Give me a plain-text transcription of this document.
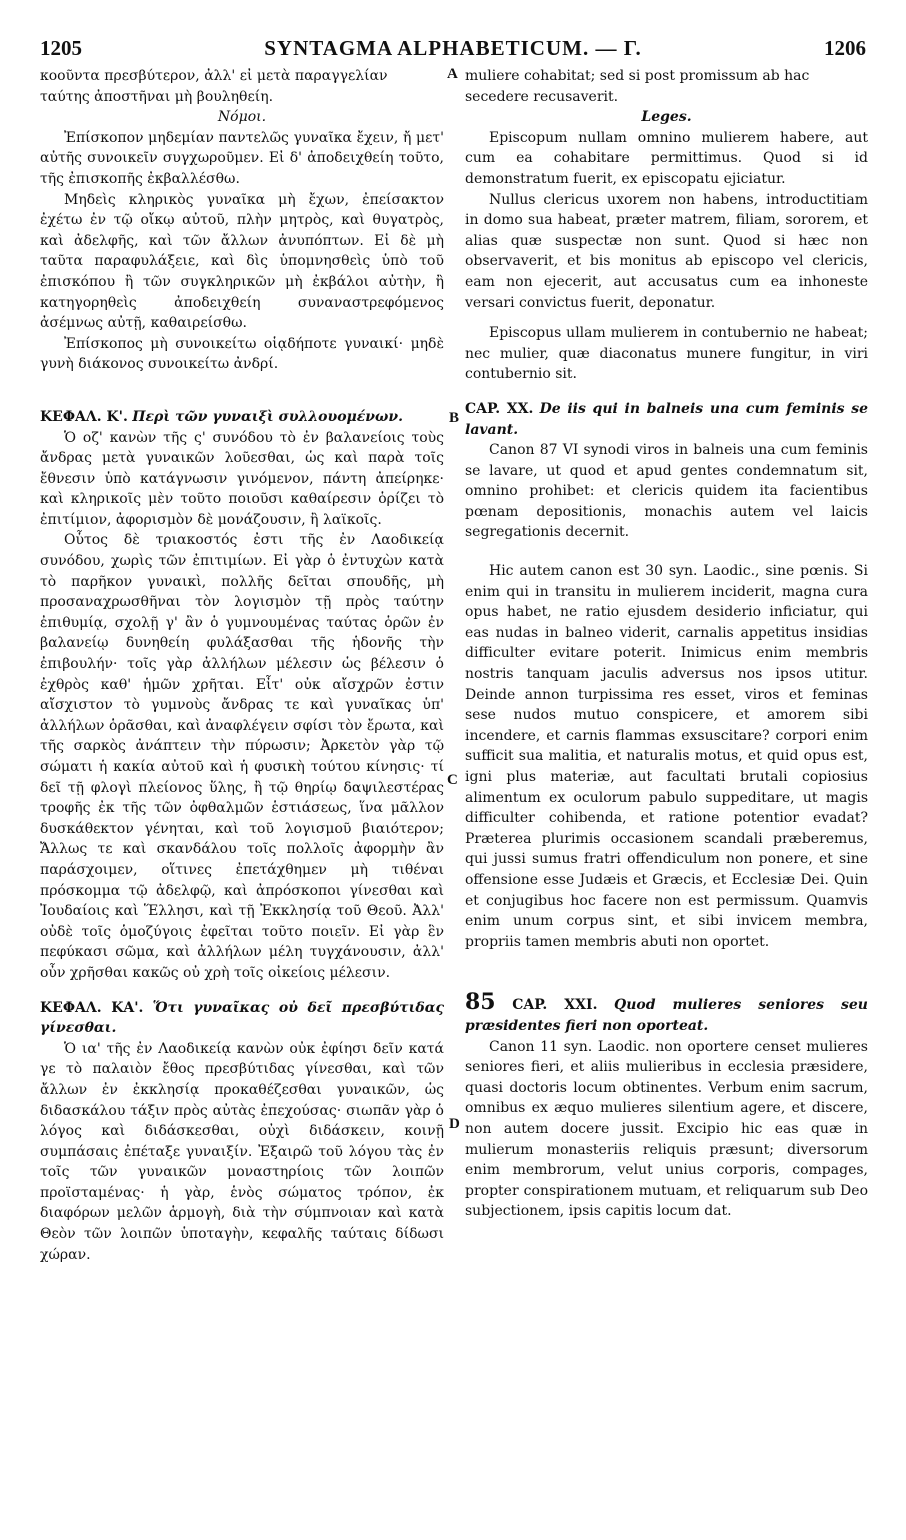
1205	SYNTAGMA ALPHABETICUM. — Γ.	1206
A
B
C
D

κοοῦντα πρεσβύτερον, ἀλλ' εἰ μετὰ παραγγελίαν

ταύτης ἀποστῆναι μὴ βουληθείη.

Νόμοι.

Ἐπίσκοπον μηδεμίαν παντελῶς γυναῖκα ἔχειν, ἤ μετ' αὐτῆς συνοικεῖν συγχωροῦμεν. Εἰ δ' ἀποδειχθείη τοῦτο, τῆς ἐπισκοπῆς ἐκβαλλέσθω.

Μηδεὶς κληρικὸς γυναῖκα μὴ ἔχων, ἐπείσακτον ἐχέτω ἐν τῷ οἴκῳ αὐτοῦ, πλὴν μητρὸς, καὶ θυγατρὸς, καὶ ἀδελφῆς, καὶ τῶν ἄλλων ἀνυπόπτων. Εἰ δὲ μὴ ταῦτα παραφυλάξειε, καὶ δὶς ὑπομνησθεὶς ὑπὸ τοῦ ἐπισκόπου ἢ τῶν συγκληρικῶν μὴ ἐκβάλοι αὐτὴν, ἢ κατηγορηθεὶς ἀποδειχθείη συναναστρεφόμενος ἀσέμνως αὐτῇ, καθαιρείσθω.

Ἐπίσκοπος μὴ συνοικείτω οἱᾳδήποτε γυναικί· μηδὲ γυνὴ διάκονος συνοικείτω ἀνδρί.

ΚΕΦΑΛ. Κ'. Περὶ τῶν γυναιξὶ συλλουομένων.

Ὁ οζ' κανὼν τῆς ς' συνόδου τὸ ἐν βαλανείοις τοὺς ἄνδρας μετὰ γυναικῶν λοῦεσθαι, ὡς καὶ παρὰ τοῖς ἔθνεσιν ὑπὸ κατάγνωσιν γινόμενον, πάντη ἀπείρηκε· καὶ κληρικοῖς μὲν τοῦτο ποιοῦσι καθαίρεσιν ὁρίζει τὸ ἐπιτίμιον, ἀφορισμὸν δὲ μονάζουσιν, ἢ λαϊκοῖς.

Οὗτος δὲ τριακοστός ἐστι τῆς ἐν Λαοδικείᾳ συνόδου, χωρὶς τῶν ἐπιτιμίων. Εἰ γὰρ ὁ ἐντυχὼν κατὰ τὸ παρῆκον γυναικὶ, πολλῆς δεῖται σπουδῆς, μὴ προσαναχρωσθῆναι τὸν λογισμὸν τῇ πρὸς ταύτην ἐπιθυμίᾳ, σχολῇ γ' ἂν ὁ γυμνουμένας ταύτας ὁρῶν ἐν βαλανείῳ δυνηθείη φυλάξασθαι τῆς ἡδονῆς τὴν ἐπιβουλήν· τοῖς γὰρ ἀλλήλων μέλεσιν ὡς βέλεσιν ὁ ἐχθρὸς καθ' ἡμῶν χρῆται. Εἶτ' οὐκ αἴσχρῶν ἐστιν αἴσχιστον τὸ γυμνοὺς ἄνδρας τε καὶ γυναῖκας ὑπ' ἀλλήλων ὁρᾶσθαι, καὶ ἀναφλέγειν σφίσι τὸν ἔρωτα, καὶ τῆς σαρκὸς ἀνάπτειν τὴν πύρωσιν; Ἀρκετὸν γὰρ τῷ σώματι ἡ κακία αὐτοῦ καὶ ἡ φυσικὴ τούτου κίνησις· τί δεῖ τῇ φλογὶ πλείονος ὕλης, ἢ τῷ θηρίῳ δαψιλεστέρας τροφῆς ἐκ τῆς τῶν ὀφθαλμῶν ἑστιάσεως, ἵνα μᾶλλον δυσκάθεκτον γένηται, καὶ τοῦ λογισμοῦ βιαιότερον; Ἄλλως τε καὶ σκανδάλου τοῖς πολλοῖς ἀφορμὴν ἂν παράσχοιμεν, οἵτινες ἐπετάχθημεν μὴ τιθέναι πρόσκομμα τῷ ἀδελφῷ, καὶ ἀπρόσκοποι γίνεσθαι καὶ Ἰουδαίοις καὶ Ἕλλησι, καὶ τῇ Ἐκκλησίᾳ τοῦ Θεοῦ. Ἀλλ' οὐδὲ τοῖς ὁμοζύγοις ἐφεῖται τοῦτο ποιεῖν. Εἰ γὰρ ἓν πεφύκασι σῶμα, καὶ ἀλλήλων μέλη τυγχάνουσιν, ἀλλ' οὖν χρῆσθαι κακῶς οὐ χρὴ τοῖς οἰκείοις μέλεσιν.

ΚΕΦΑΛ. ΚΑ'. Ὅτι γυναῖκας οὐ δεῖ πρεσβύτιδας γίνεσθαι.

Ὁ ια' τῆς ἐν Λαοδικείᾳ κανὼν οὐκ ἐφίησι δεῖν κατά γε τὸ παλαιὸν ἔθος πρεσβύτιδας γίνεσθαι, καὶ τῶν ἄλλων ἐν ἐκκλησίᾳ προκαθέζεσθαι γυναικῶν, ὡς διδασκάλου τάξιν πρὸς αὐτὰς ἐπεχούσας· σιωπᾶν γὰρ ὁ λόγος καὶ διδάσκεσθαι, οὐχὶ διδάσκειν, κοινῇ συμπάσαις ἐπέταξε γυναιξίν. Ἐξαιρῶ τοῦ λόγου τὰς ἐν τοῖς τῶν γυναικῶν μοναστηρίοις τῶν λοιπῶν προϊσταμένας· ἡ γὰρ, ἑνὸς σώματος τρόπον, ἐκ διαφόρων μελῶν ἁρμογὴ, διὰ τὴν σύμπνοιαν καὶ κατὰ Θεὸν τῶν λοιπῶν ὑποταγὴν, κεφαλῆς ταύταις δίδωσι χώραν.

muliere cohabitat; sed si post promissum ab hac

secedere recusaverit.

Leges.

Episcopum nullam omnino mulierem habere, aut cum ea cohabitare permittimus. Quod si id demonstratum fuerit, ex episcopatu ejiciatur.

Nullus clericus uxorem non habens, introductitiam in domo sua habeat, præter matrem, filiam, sororem, et alias quæ suspectæ non sunt. Quod si hæc non observaverit, et bis monitus ab episcopo vel clericis, eam non ejecerit, aut accusatus cum ea inhoneste versari convictus fuerit, deponatur.

Episcopus ullam mulierem in contubernio ne habeat; nec mulier, quæ diaconatus munere fungitur, in viri contubernio sit.

CAP. XX. De iis qui in balneis una cum feminis se lavant.

Canon 87 VI synodi viros in balneis una cum feminis se lavare, ut quod et apud gentes condemnatum sit, omnino prohibet: et clericis quidem ita facientibus pœnam depositionis, monachis autem vel laicis segregationis decernit.

Hic autem canon est 30 syn. Laodic., sine pœnis. Si enim qui in transitu in mulierem inciderit, magna cura opus habet, ne ratio ejusdem desiderio inficiatur, qui eas nudas in balneo viderit, carnalis appetitus insidias difficulter evitare poterit. Inimicus enim membris nostris tanquam jaculis adversus nos ipsos utitur. Deinde annon turpissima res esset, viros et feminas sese nudos mutuo conspicere, et amorem sibi incendere, et carnis flammas exsuscitare? corpori enim sufficit sua malitia, et naturalis motus, et quid opus est, igni plus materiæ, aut facultati brutali copiosius alimentum ex oculorum pabulo suppeditare, ut magis difficulter cohibenda, et ratione potentior evadat? Præterea plurimis occasionem scandali præberemus, qui jussi sumus fratri offendiculum non ponere, et sine offensione esse Judæis et Græcis, et Ecclesiæ Dei. Quin et conjugibus hoc facere non est permissum. Quamvis enim unum corpus sint, et sibi invicem membra, propriis tamen membris abuti non oportet.

85 CAP. XXI. Quod mulieres seniores seu præsidentes fieri non oporteat.

Canon 11 syn. Laodic. non oportere censet mulieres seniores fieri, et aliis mulieribus in ecclesia præsidere, quasi doctoris locum obtinentes. Verbum enim sacrum, omnibus ex æquo mulieres silentium agere, et discere, non autem docere jussit. Excipio hic eas quæ in mulierum monasteriis reliquis præsunt; diversorum enim membrorum, velut unius corporis, compages, propter conspirationem mutuam, et reliquarum sub Deo subjectionem, ipsis capitis locum dat.
